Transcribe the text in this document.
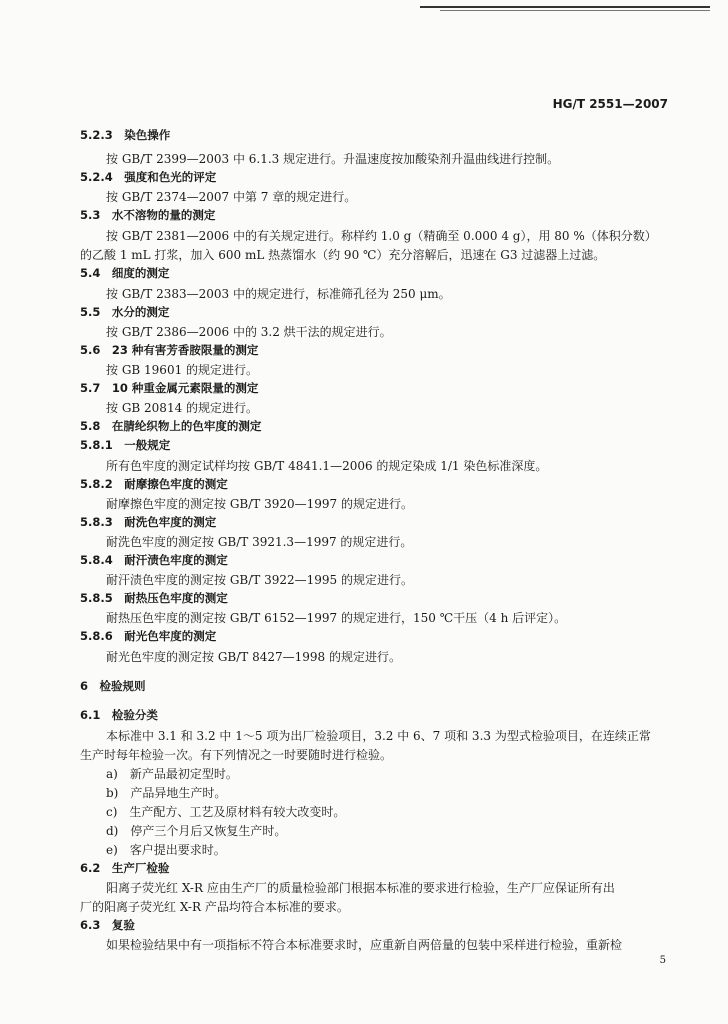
HG/T 2551—2007
5.2.3　染色操作
按 GB/T 2399—2003 中 6.1.3 规定进行。升温速度按加酸染剂升温曲线进行控制。
5.2.4　强度和色光的评定
按 GB/T 2374—2007 中第 7 章的规定进行。
5.3　水不溶物的量的测定
按 GB/T 2381—2006 中的有关规定进行。称样约 1.0 g（精确至 0.000 4 g），用 80 %（体积分数）
的乙酸 1 mL 打浆，加入 600 mL 热蒸馏水（约 90 ℃）充分溶解后，迅速在 G3 过滤器上过滤。
5.4　细度的测定
按 GB/T 2383—2003 中的规定进行，标准筛孔径为 250 μm。
5.5　水分的测定
按 GB/T 2386—2006 中的 3.2 烘干法的规定进行。
5.6　23 种有害芳香胺限量的测定
按 GB 19601 的规定进行。
5.7　10 种重金属元素限量的测定
按 GB 20814 的规定进行。
5.8　在腈纶织物上的色牢度的测定
5.8.1　一般规定
所有色牢度的测定试样均按 GB/T 4841.1—2006 的规定染成 1/1 染色标准深度。
5.8.2　耐摩擦色牢度的测定
耐摩擦色牢度的测定按 GB/T 3920—1997 的规定进行。
5.8.3　耐洗色牢度的测定
耐洗色牢度的测定按 GB/T 3921.3—1997 的规定进行。
5.8.4　耐汗渍色牢度的测定
耐汗渍色牢度的测定按 GB/T 3922—1995 的规定进行。
5.8.5　耐热压色牢度的测定
耐热压色牢度的测定按 GB/T 6152—1997 的规定进行，150 ℃干压（4 h 后评定）。
5.8.6　耐光色牢度的测定
耐光色牢度的测定按 GB/T 8427—1998 的规定进行。
6　检验规则
6.1　检验分类
本标准中 3.1 和 3.2 中 1～5 项为出厂检验项目，3.2 中 6、7 项和 3.3 为型式检验项目，在连续正常
生产时每年检验一次。有下列情况之一时要随时进行检验。
a)　新产品最初定型时。
b)　产品异地生产时。
c)　生产配方、工艺及原材料有较大改变时。
d)　停产三个月后又恢复生产时。
e)　客户提出要求时。
6.2　生产厂检验
阳离子荧光红 X-R 应由生产厂的质量检验部门根据本标准的要求进行检验，生产厂应保证所有出
厂的阳离子荧光红 X-R 产品均符合本标准的要求。
6.3　复验
如果检验结果中有一项指标不符合本标准要求时，应重新自两倍量的包装中采样进行检验，重新检
5
